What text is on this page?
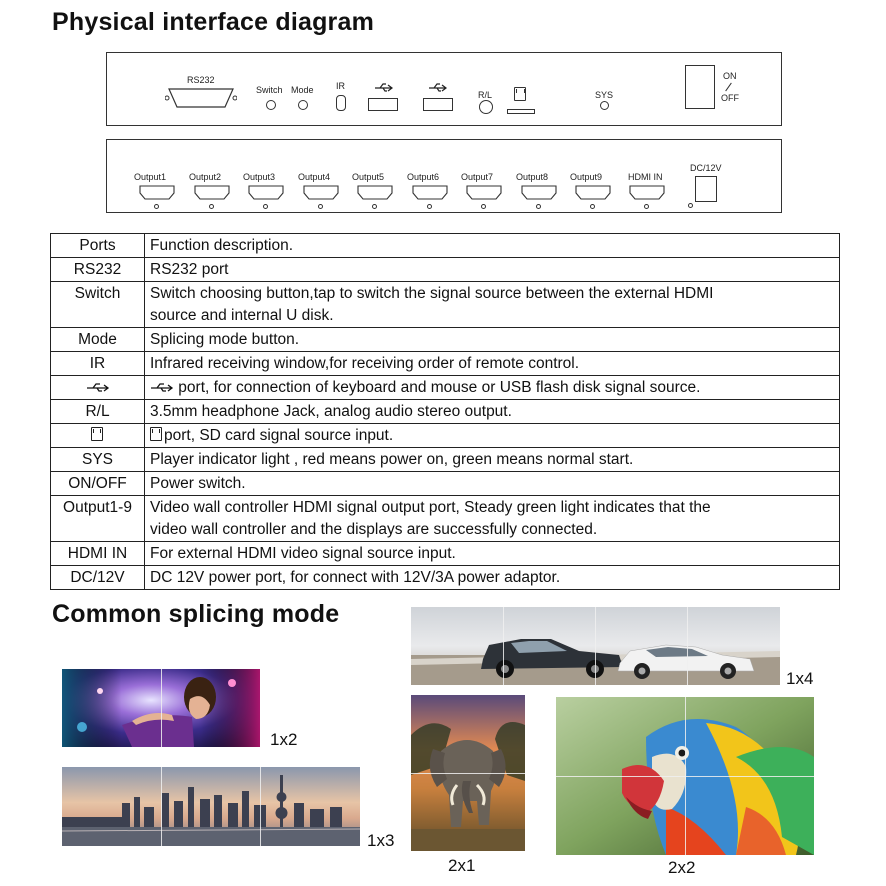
Physical interface diagram
RS232
Switch Mode IR
R/L	SYS
ON
OFF
Output1	Output2 Output3	Output4 Output5	Output6 Output7	Output8 Output9	HDMI IN
DC/12V
Ports	Function description.
RS232	RS232 port
Switch	Switch choosing button,tap to switch the signal source between the external HDMI
source and internal U disk.

Mode	Splicing mode button.
IR	Infrared receiving window,for receiving order of remote control.
	port, for connection of keyboard and mouse or USB flash disk signal source.
R/L	3.5mm headphone Jack, analog audio stereo output.
	port, SD card signal source input.
SYS	Player indicator light , red means power on, green means normal start.
ON/OFF	Power switch.
Output1-9	Video wall controller HDMI signal output port, Steady green light indicates that the
video wall controller and the displays are successfully connected.

HDMI IN	For external HDMI video signal source input.
DC/12V	DC 12V power port, for connect with 12V/3A power adaptor.
Common splicing mode
1x4
1x2
1x3
2x1	2x2
